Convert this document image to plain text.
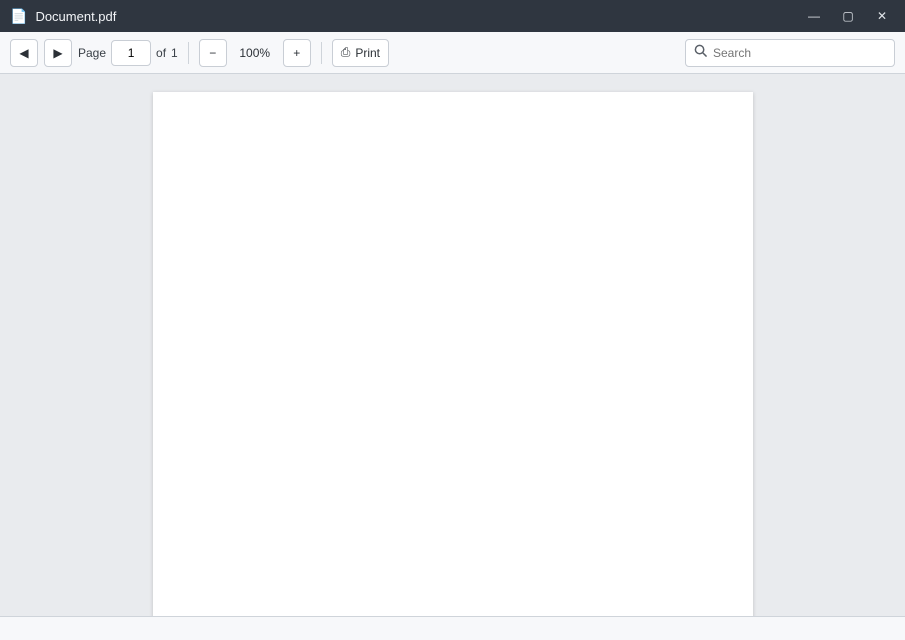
📄 Document.pdf	—	▢	✕
◀	▶	Page
1	of 1	−	100%	+	⎙ Print
Search
